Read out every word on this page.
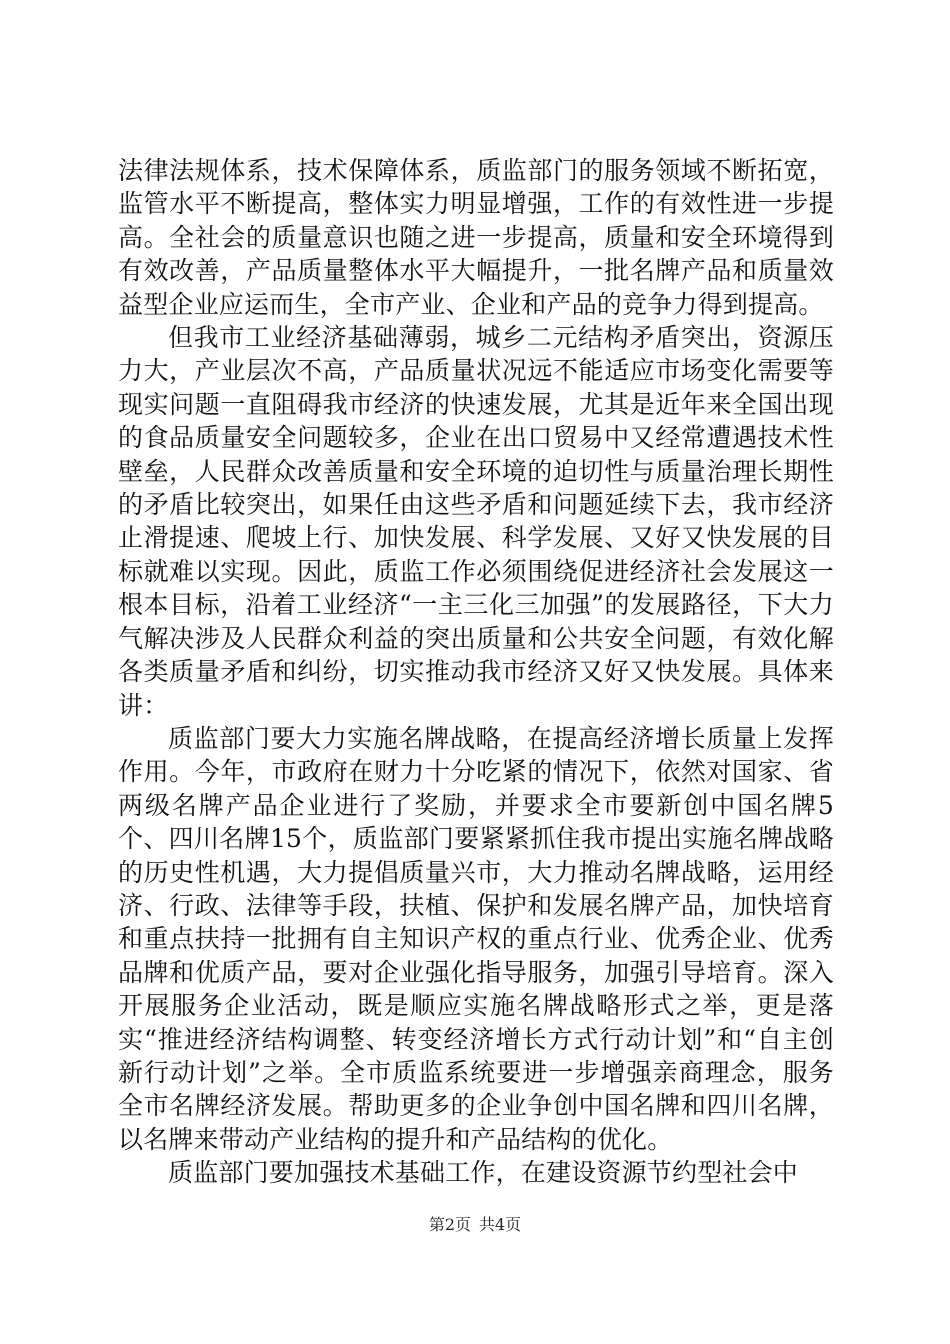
法律法规体系，技术保障体系，质监部门的服务领域不断拓宽，监管水平不断提高，整体实力明显增强，工作的有效性进一步提高。全社会的质量意识也随之进一步提高，质量和安全环境得到有效改善，产品质量整体水平大幅提升，一批名牌产品和质量效益型企业应运而生，全市产业、企业和产品的竞争力得到提高。

但我市工业经济基础薄弱，城乡二元结构矛盾突出，资源压力大，产业层次不高，产品质量状况远不能适应市场变化需要等现实问题一直阻碍我市经济的快速发展，尤其是近年来全国出现的食品质量安全问题较多，企业在出口贸易中又经常遭遇技术性壁垒，人民群众改善质量和安全环境的迫切性与质量治理长期性的矛盾比较突出，如果任由这些矛盾和问题延续下去，我市经济止滑提速、爬坡上行、加快发展、科学发展、又好又快发展的目标就难以实现。因此，质监工作必须围绕促进经济社会发展这一根本目标，沿着工业经济“一主三化三加强”的发展路径，下大力气解决涉及人民群众利益的突出质量和公共安全问题，有效化解各类质量矛盾和纠纷，切实推动我市经济又好又快发展。具体来讲：

质监部门要大力实施名牌战略，在提高经济增长质量上发挥作用。今年，市政府在财力十分吃紧的情况下，依然对国家、省两级名牌产品企业进行了奖励，并要求全市要新创中国名牌5个、四川名牌15个，质监部门要紧紧抓住我市提出实施名牌战略的历史性机遇，大力提倡质量兴市，大力推动名牌战略，运用经济、行政、法律等手段，扶植、保护和发展名牌产品，加快培育和重点扶持一批拥有自主知识产权的重点行业、优秀企业、优秀品牌和优质产品，要对企业强化指导服务，加强引导培育。深入开展服务企业活动，既是顺应实施名牌战略形式之举，更是落实“推进经济结构调整、转变经济增长方式行动计划”和“自主创新行动计划”之举。全市质监系统要进一步增强亲商理念，服务全市名牌经济发展。帮助更多的企业争创中国名牌和四川名牌，以名牌来带动产业结构的提升和产品结构的优化。

质监部门要加强技术基础工作，在建设资源节约型社会中

第2页 共4页
